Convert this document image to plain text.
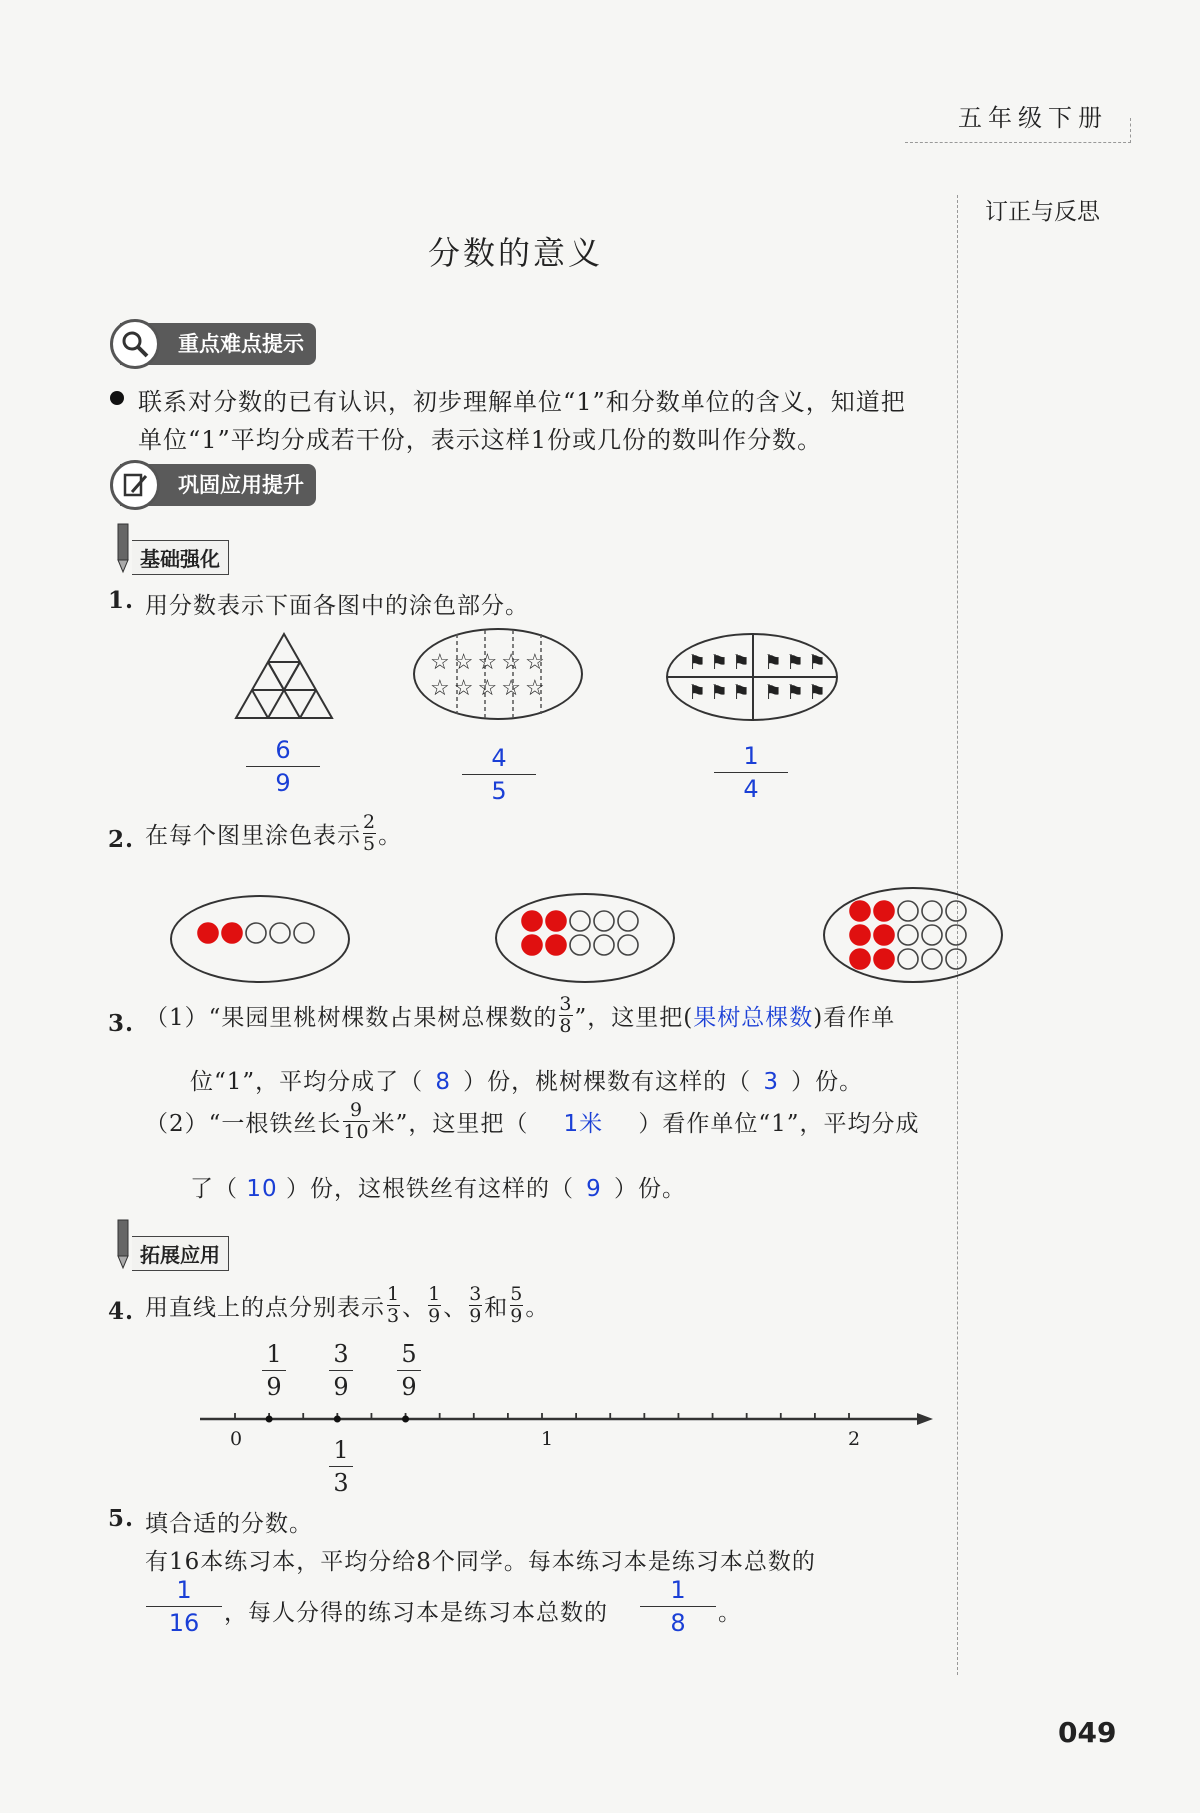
五年级下册
订正与反思
分数的意义
重点难点提示
联系对分数的已有认识，初步理解单位“1”和分数单位的含义，知道把
单位“1”平均分成若干份，表示这样1份或几份的数叫作分数。
巩固应用提升
基础强化
1. 用分数表示下面各图中的涂色部分。
☆ ☆ ☆ ☆ ☆
☆ ☆ ☆ ☆ ☆
⚑ ⚑ ⚑ ⚑ ⚑ ⚑
⚑ ⚑ ⚑ ⚑ ⚑ ⚑
6
9
4
5
1
4
2. 在每个图里涂色表示 $\frac{2}{5}$ 。
3. （1）“果园里桃树棵数占果树总棵数的 $\frac{3}{8}$ ”，这里把( 果树总棵数 )看作单
位“1”，平均分成了（ 8 ）份，桃树棵数有这样的（ 3 ）份。
（2）“一根铁丝长 $\frac{9}{10}$ 米”，这里把（	1米	）看作单位“1”，平均分成
了（ 10 ）份，这根铁丝有这样的（ 9 ）份。
拓展应用
4. 用直线上的点分别表示 $\frac{1}{3}$ 、 $\frac{1}{9}$ 、 $\frac{3}{9}$ 和 $\frac{5}{9}$ 。
1
9
3
9
5
9
0	1	2
1
3
5. 填合适的分数。
有16本练习本，平均分给8个同学。每本练习本是练习本总数的
1
16 ，每人分得的练习本是练习本总数的
1
8 。
049
